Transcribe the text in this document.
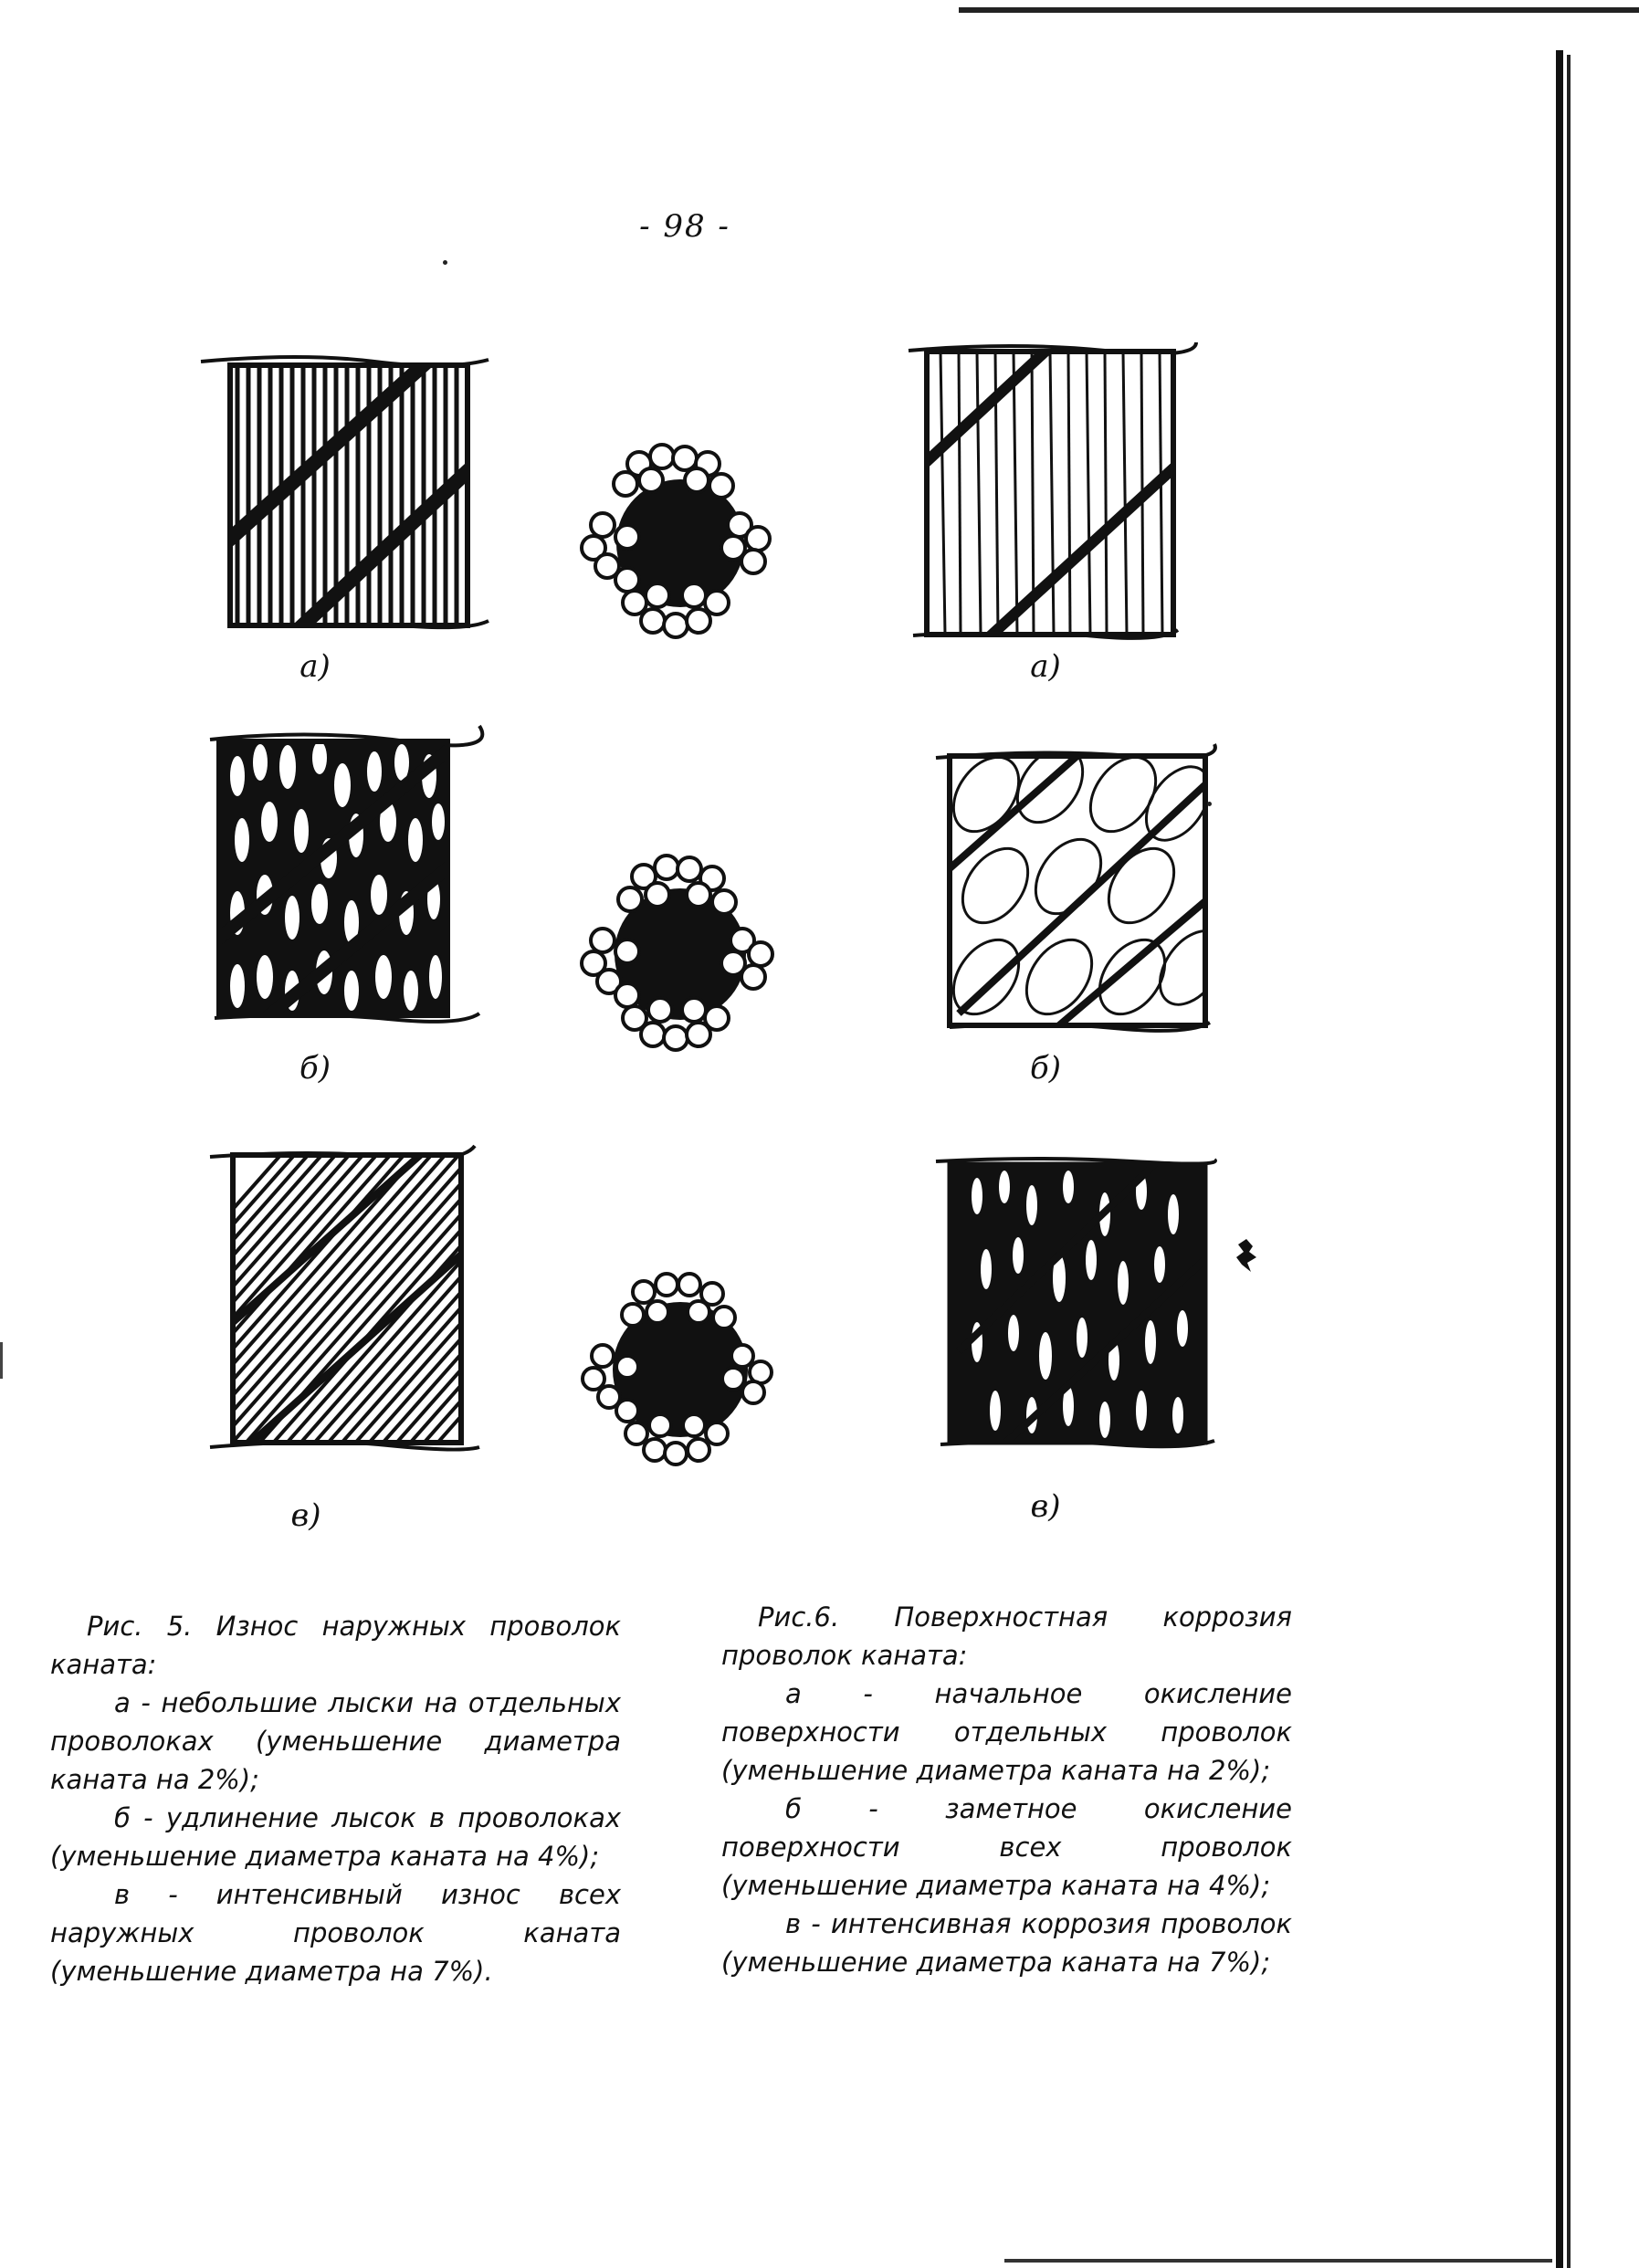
- 98 -
а)
б)
в)
а)
б)
в)

Рис. 5. Износ наружных проволок каната:

а - небольшие лыски на отдельных проволоках (уменьшение диаметра каната на 2%);

б - удлинение лысок в проволоках (уменьшение диаметра каната на 4%);

в - интенсивный износ всех наружных проволок каната (уменьшение диаметра на 7%).

Рис.6. Поверхностная коррозия проволок каната:

а - начальное окисление поверхности отдельных проволок (уменьшение диаметра каната на 2%);

б - заметное окисление поверхности всех проволок (уменьшение диаметра каната на 4%);

в - интенсивная коррозия проволок (уменьшение диаметра каната на 7%);
